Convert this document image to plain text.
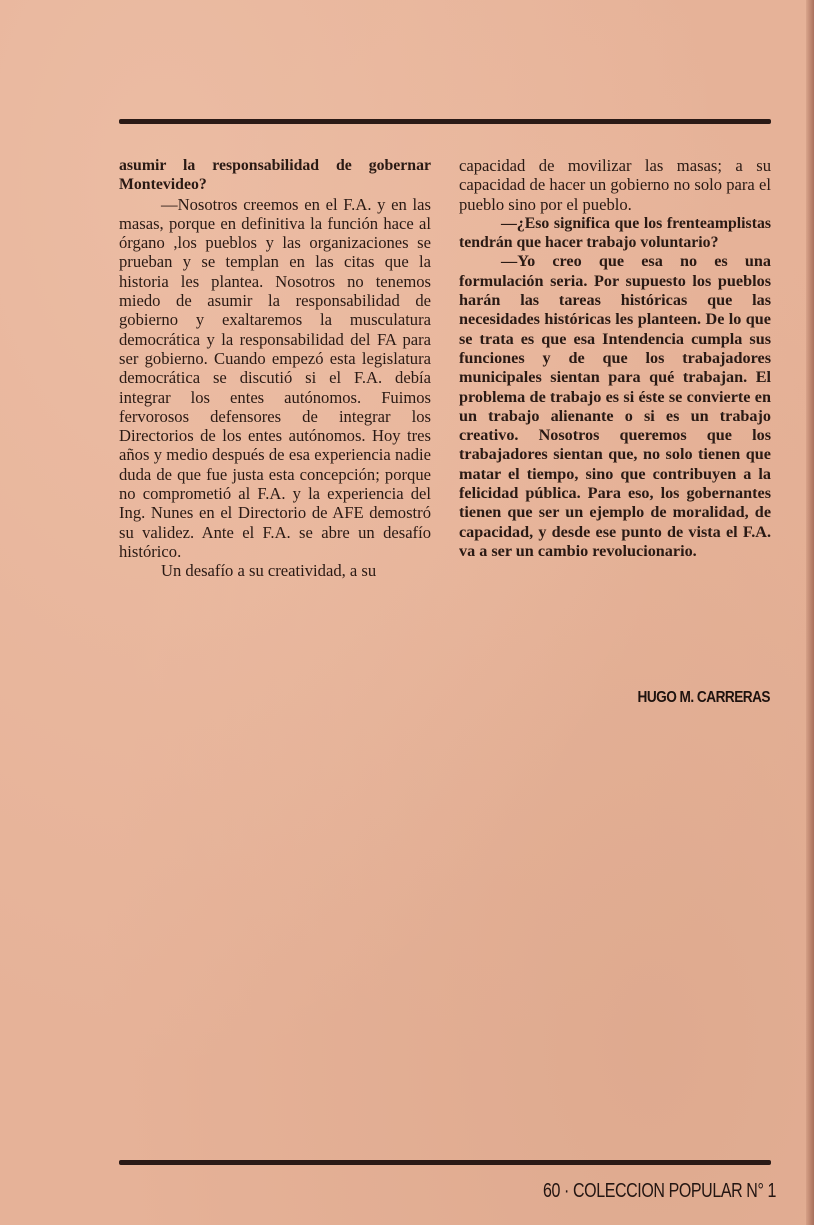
asumir la responsabilidad de gobernar Montevideo?

—Nosotros creemos en el F.A. y en las masas, porque en definitiva la función hace al órgano ,los pueblos y las organizaciones se prueban y se templan en las citas que la historia les plantea. Nosotros no tenemos miedo de asumir la responsabilidad de gobierno y exaltaremos la musculatura democrática y la responsabilidad del FA para ser gobierno. Cuando empezó esta legislatura democrática se discutió si el F.A. debía integrar los entes autónomos. Fuimos fervorosos defensores de integrar los Directorios de los entes autónomos. Hoy tres años y medio después de esa experiencia nadie duda de que fue justa esta concepción; porque no comprometió al F.A. y la experiencia del Ing. Nunes en el Directorio de AFE demostró su validez. Ante el F.A. se abre un desafío histórico.

Un desafío a su creatividad, a su

capacidad de movilizar las masas; a su capacidad de hacer un gobierno no solo para el pueblo sino por el pueblo.

—¿Eso significa que los frenteamplistas tendrán que hacer trabajo voluntario?

—Yo creo que esa no es una formulación seria. Por supuesto los pueblos harán las tareas históricas que las necesidades históricas les planteen. De lo que se trata es que esa Intendencia cumpla sus funciones y de que los trabajadores municipales sientan para qué trabajan. El problema de trabajo es si éste se convierte en un trabajo alienante o si es un trabajo creativo. Nosotros queremos que los trabajadores sientan que, no solo tienen que matar el tiempo, sino que contribuyen a la felicidad pública. Para eso, los gobernantes tienen que ser un ejemplo de moralidad, de capacidad, y desde ese punto de vista el F.A. va a ser un cambio revolucionario.

HUGO M. CARRERAS
60 · COLECCION POPULAR N° 1
